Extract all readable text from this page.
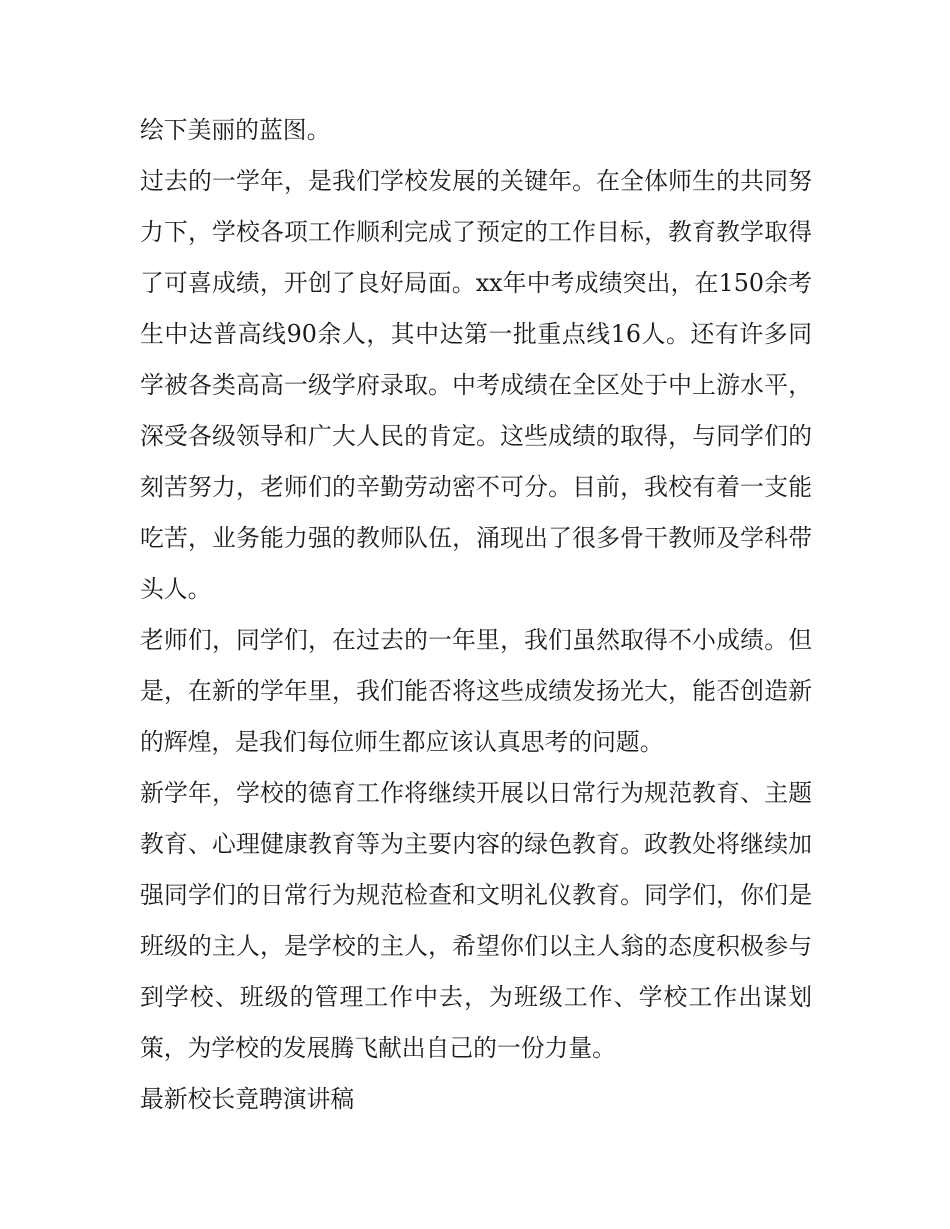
绘下美丽的蓝图。

过去的一学年，是我们学校发展的关键年。在全体师生的共同努力下，学校各项工作顺利完成了预定的工作目标，教育教学取得了可喜成绩，开创了良好局面。xx年中考成绩突出，在150余考生中达普高线90余人，其中达第一批重点线16人。还有许多同学被各类高高一级学府录取。中考成绩在全区处于中上游水平，深受各级领导和广大人民的肯定。这些成绩的取得，与同学们的刻苦努力，老师们的辛勤劳动密不可分。目前，我校有着一支能吃苦，业务能力强的教师队伍，涌现出了很多骨干教师及学科带头人。

老师们，同学们，在过去的一年里，我们虽然取得不小成绩。但是，在新的学年里，我们能否将这些成绩发扬光大，能否创造新的辉煌，是我们每位师生都应该认真思考的问题。

新学年，学校的德育工作将继续开展以日常行为规范教育、主题教育、心理健康教育等为主要内容的绿色教育。政教处将继续加强同学们的日常行为规范检查和文明礼仪教育。同学们，你们是班级的主人，是学校的主人，希望你们以主人翁的态度积极参与到学校、班级的管理工作中去，为班级工作、学校工作出谋划策，为学校的发展腾飞献出自己的一份力量。

最新校长竟聘演讲稿
